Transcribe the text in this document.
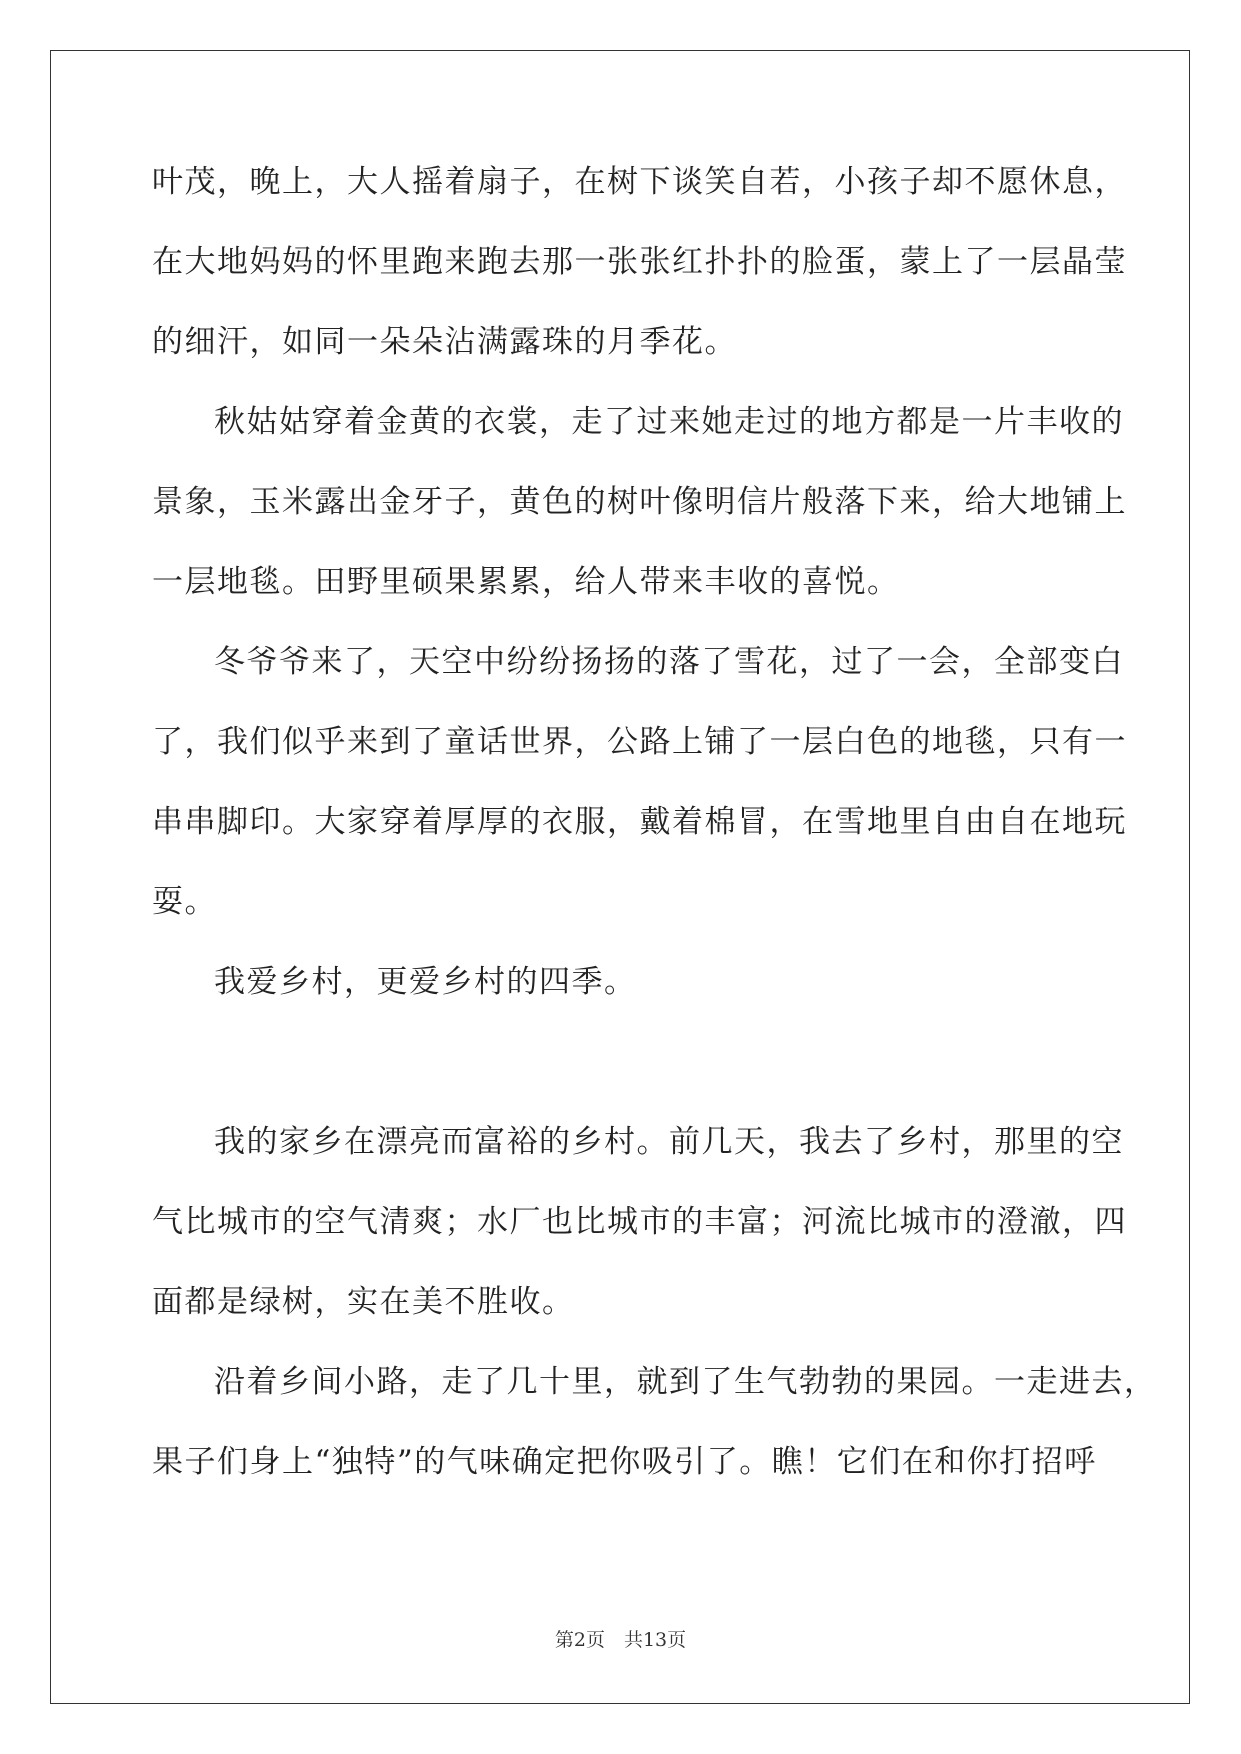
叶茂，晚上，大人摇着扇子，在树下谈笑自若，小孩子却不愿休息，
在大地妈妈的怀里跑来跑去那一张张红扑扑的脸蛋，蒙上了一层晶莹
的细汗，如同一朵朵沾满露珠的月季花。
秋姑姑穿着金黄的衣裳，走了过来她走过的地方都是一片丰收的
景象，玉米露出金牙子，黄色的树叶像明信片般落下来，给大地铺上
一层地毯。田野里硕果累累，给人带来丰收的喜悦。
冬爷爷来了，天空中纷纷扬扬的落了雪花，过了一会，全部变白
了，我们似乎来到了童话世界，公路上铺了一层白色的地毯，只有一
串串脚印。大家穿着厚厚的衣服，戴着棉冒，在雪地里自由自在地玩
耍。
我爱乡村，更爱乡村的四季。
我的家乡在漂亮而富裕的乡村。前几天，我去了乡村，那里的空
气比城市的空气清爽；水厂也比城市的丰富；河流比城市的澄澈，四
面都是绿树，实在美不胜收。
沿着乡间小路，走了几十里，就到了生气勃勃的果园。一走进去，
果子们身上“独特”的气味确定把你吸引了。瞧！它们在和你打招呼
第2页　共13页
